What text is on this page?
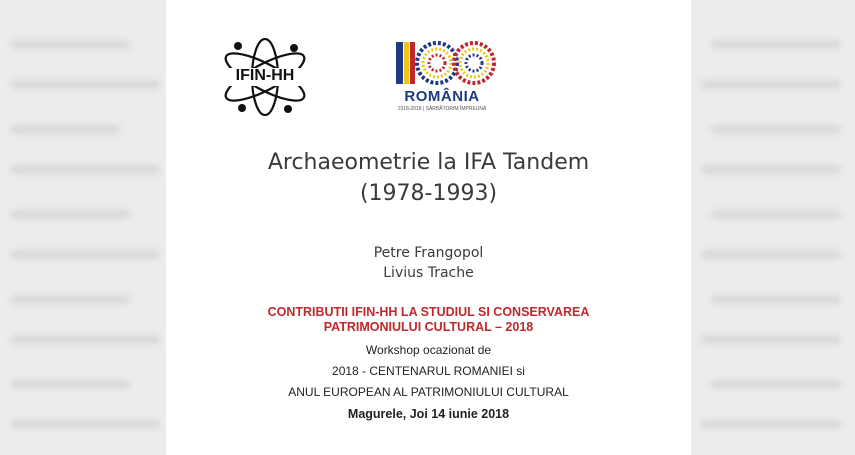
IFIN-HH
ROMÂNIA
1918-2018 | SĂRBĂTORIM ÎMPREUNĂ
Archaeometrie la IFA Tandem
(1978-1993)
Petre Frangopol
Livius Trache
CONTRIBUTII IFIN-HH LA STUDIUL SI CONSERVAREA
PATRIMONIULUI CULTURAL – 2018
Workshop ocazionat de
2018 - CENTENARUL ROMANIEI si
ANUL EUROPEAN AL PATRIMONIULUI CULTURAL
Magurele, Joi 14 iunie 2018
